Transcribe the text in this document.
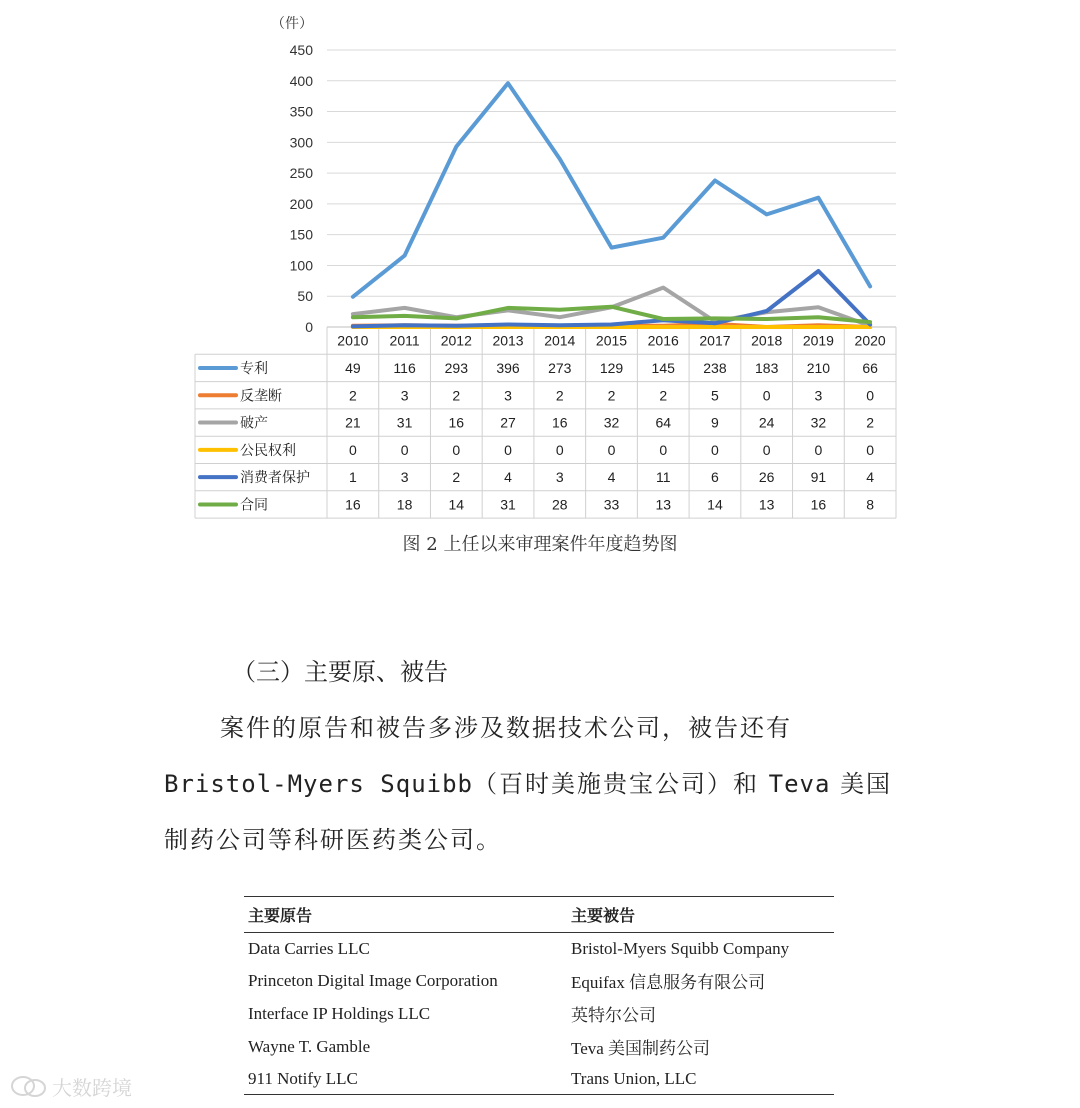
0
50
100
150
200
250
300
350
400
450
（件）
2010 2011 2012 2013 2014 2015 2016 2017 2018 2019 2020
专利	49 116 293 396 273 129 145 238 183 210 66
反垄断	2	3	2	3	2	2	2	5	0	3	0
破产	21	31	16	27	16	32	64	9	24	32	2
公民权利	0	0	0	0	0	0	0	0	0	0	0
消费者保护	1	3	2	4	3	4	11	6	26	91	4
合同	16	18	14	31	28	33	13	14	13	16	8
图 2 上任以来审理案件年度趋势图
（三）主要原、被告
案件的原告和被告多涉及数据技术公司，被告还有
Bristol-Myers Squibb（百时美施贵宝公司）和 Teva 美国
制药公司等科研医药类公司。
主要原告	主要被告
Data Carries LLC	Bristol-Myers Squibb Company
Princeton Digital Image Corporation	Equifax 信息服务有限公司
Interface IP Holdings LLC	英特尔公司
Wayne T. Gamble	Teva 美国制药公司
911 Notify LLC	Trans Union, LLC
大数跨境
